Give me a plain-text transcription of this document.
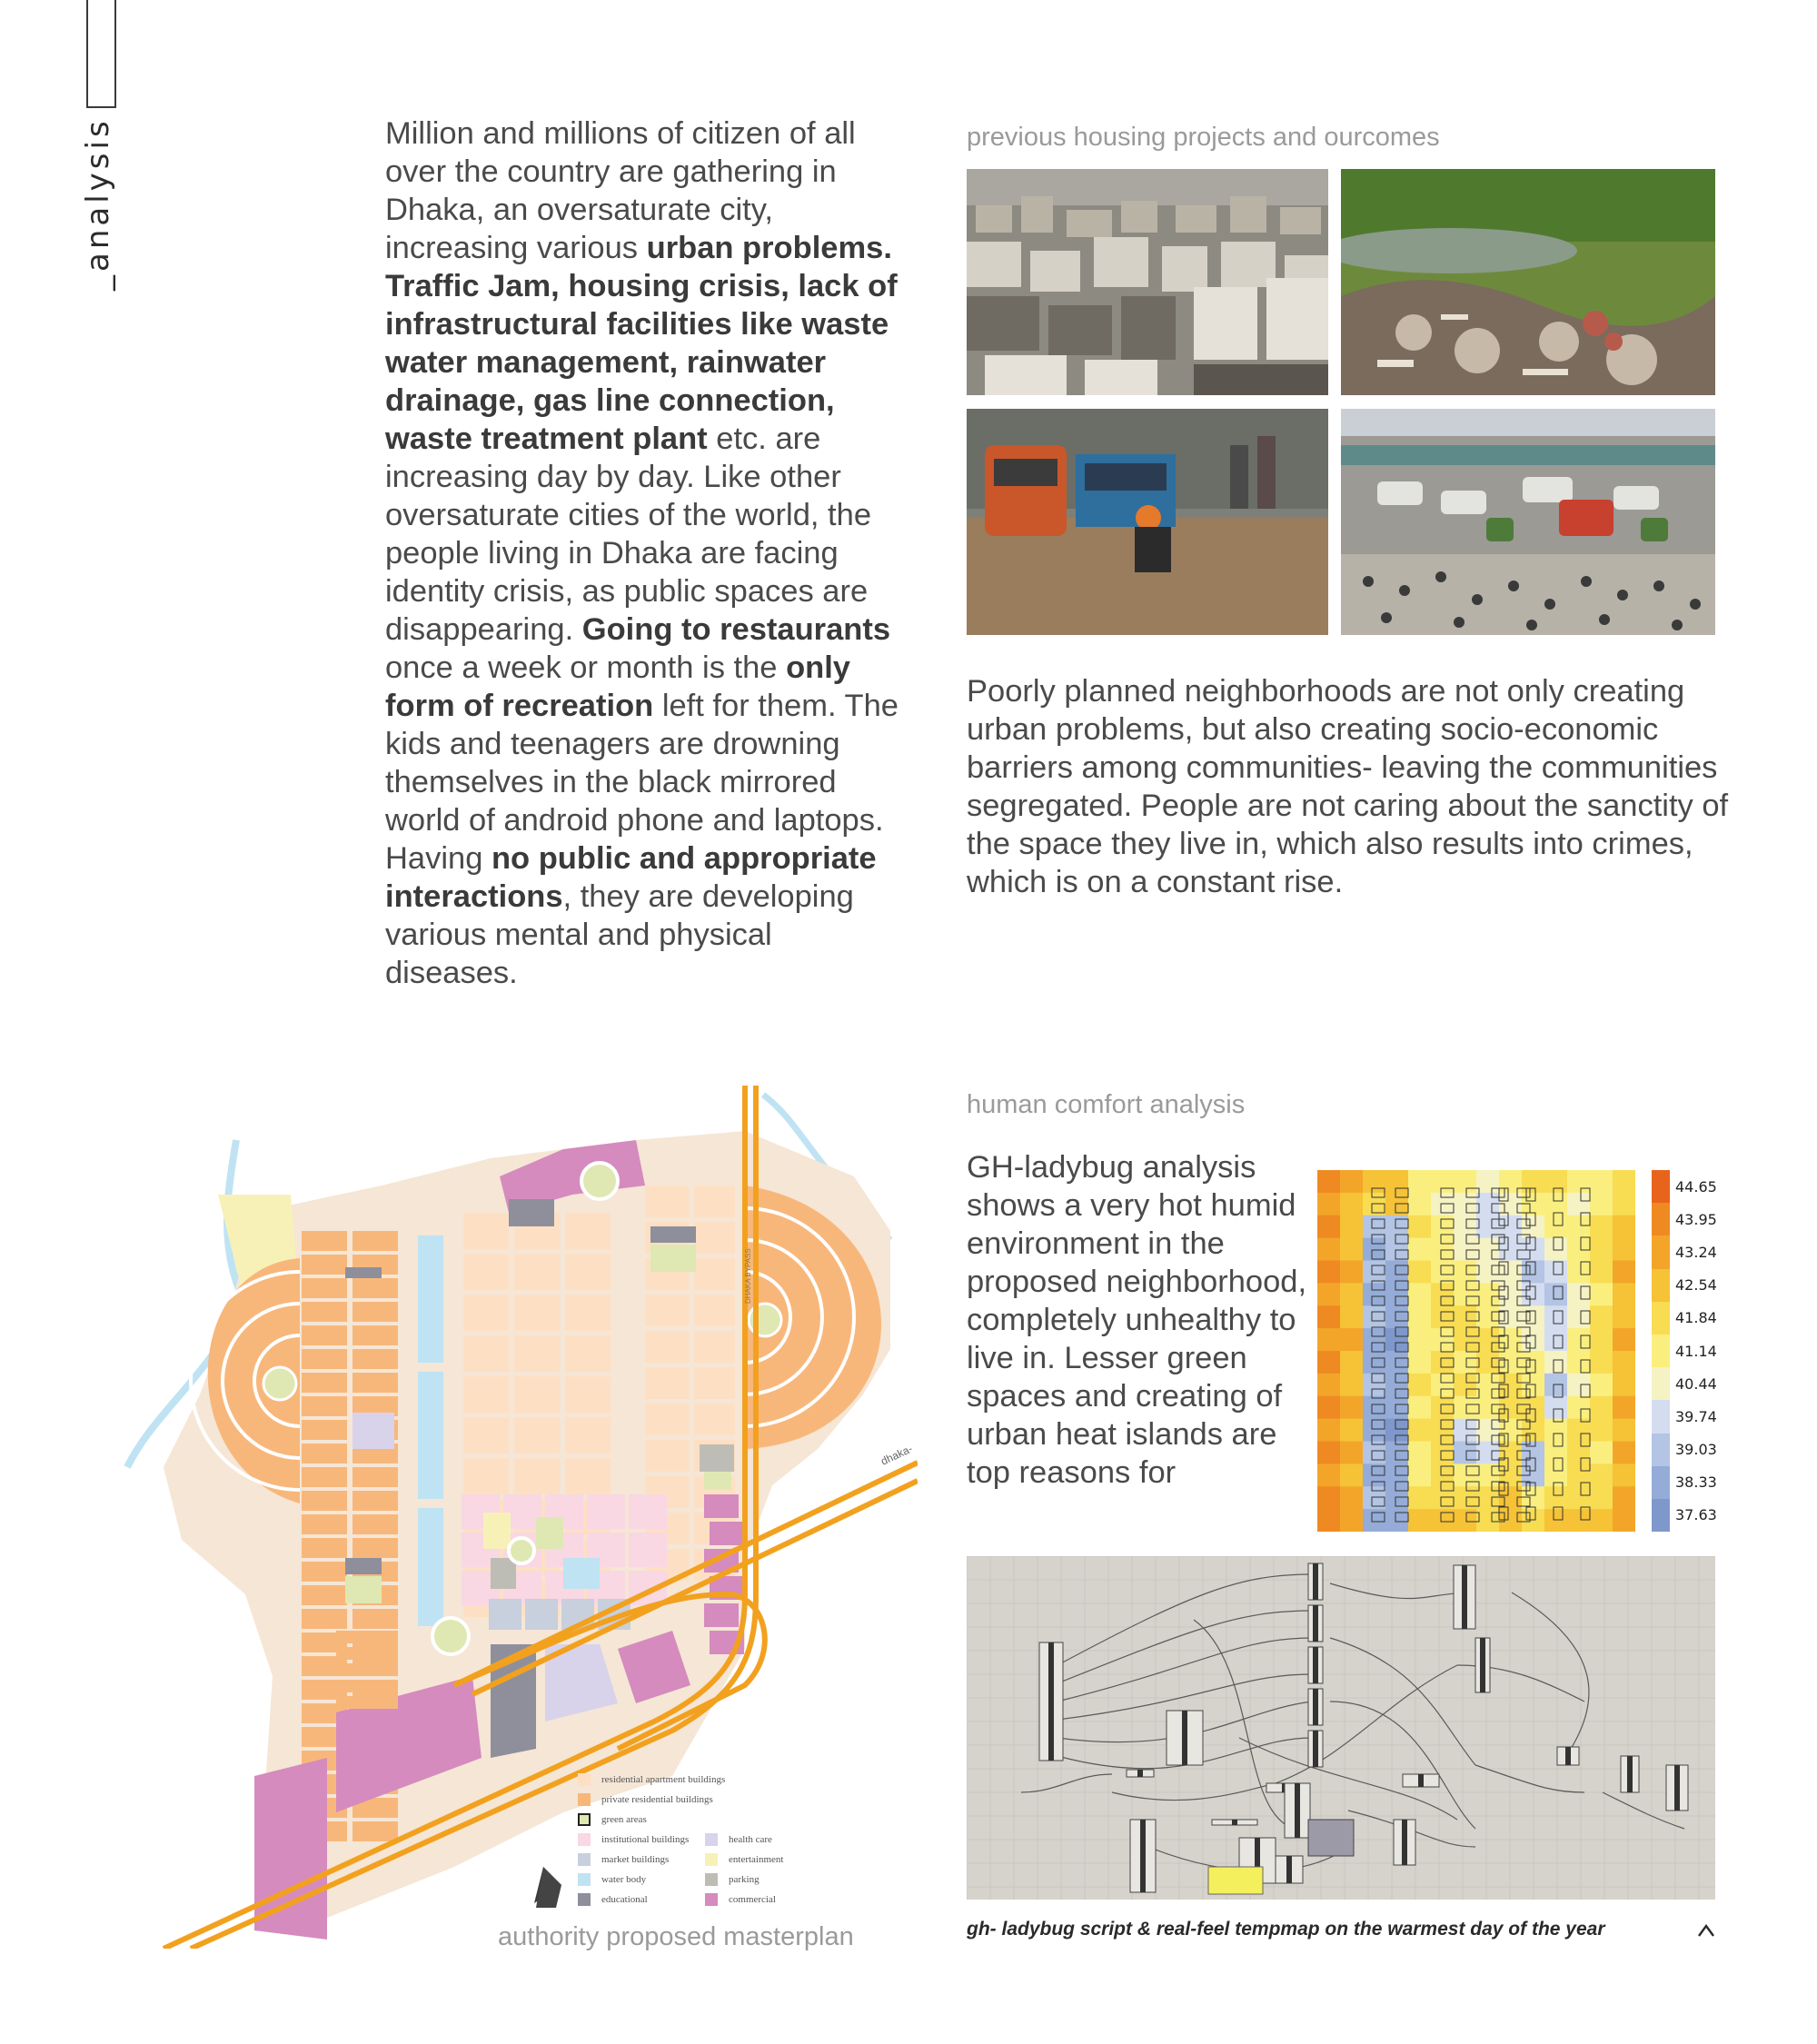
_analysis	Million and millions of citizen of all over the country are gathering in Dhaka, an oversaturate city, increasing various urban problems. Traffic Jam, housing crisis, lack of infrastructural facilities like waste water management, rainwater drainage, gas line connection, waste treatment plant etc. are increasing day by day. Like other oversaturate cities of the world, the people living in Dhaka are facing identity crisis, as public spaces are disappearing. Going to restaurants once a week or month is the only form of recreation left for them. The kids and teenagers are drowning themselves in the black mirrored world of android phone and laptops. Having no public and appropriate interactions, they are developing various mental and physical diseases.
previous housing projects and ourcomes
Poorly planned neighborhoods are not only creating urban problems, but also creating socio-economic barriers among communities- leaving the communities segregated. People are not caring about the sanctity of the space they live in, which also results into crimes, which is on a constant rise.
human comfort analysis
GH-ladybug analysis shows a very hot humid environment in the proposed neighborhood, completely unhealthy to live in. Lesser green spaces and creating of urban heat islands are top reasons for
44.65
43.95
43.24
42.54
41.84
41.14
40.44
39.74
39.03
38.33
37.63
gh- ladybug script & real-feel tempmap on the warmest day of the year
dhaka-
DHAKA BYPASS
residential apartment buildings
private residential buildings
green areas
institutional buildings
market buildings
water body
educational
health care
entertainment
parking
commercial
authority proposed masterplan
